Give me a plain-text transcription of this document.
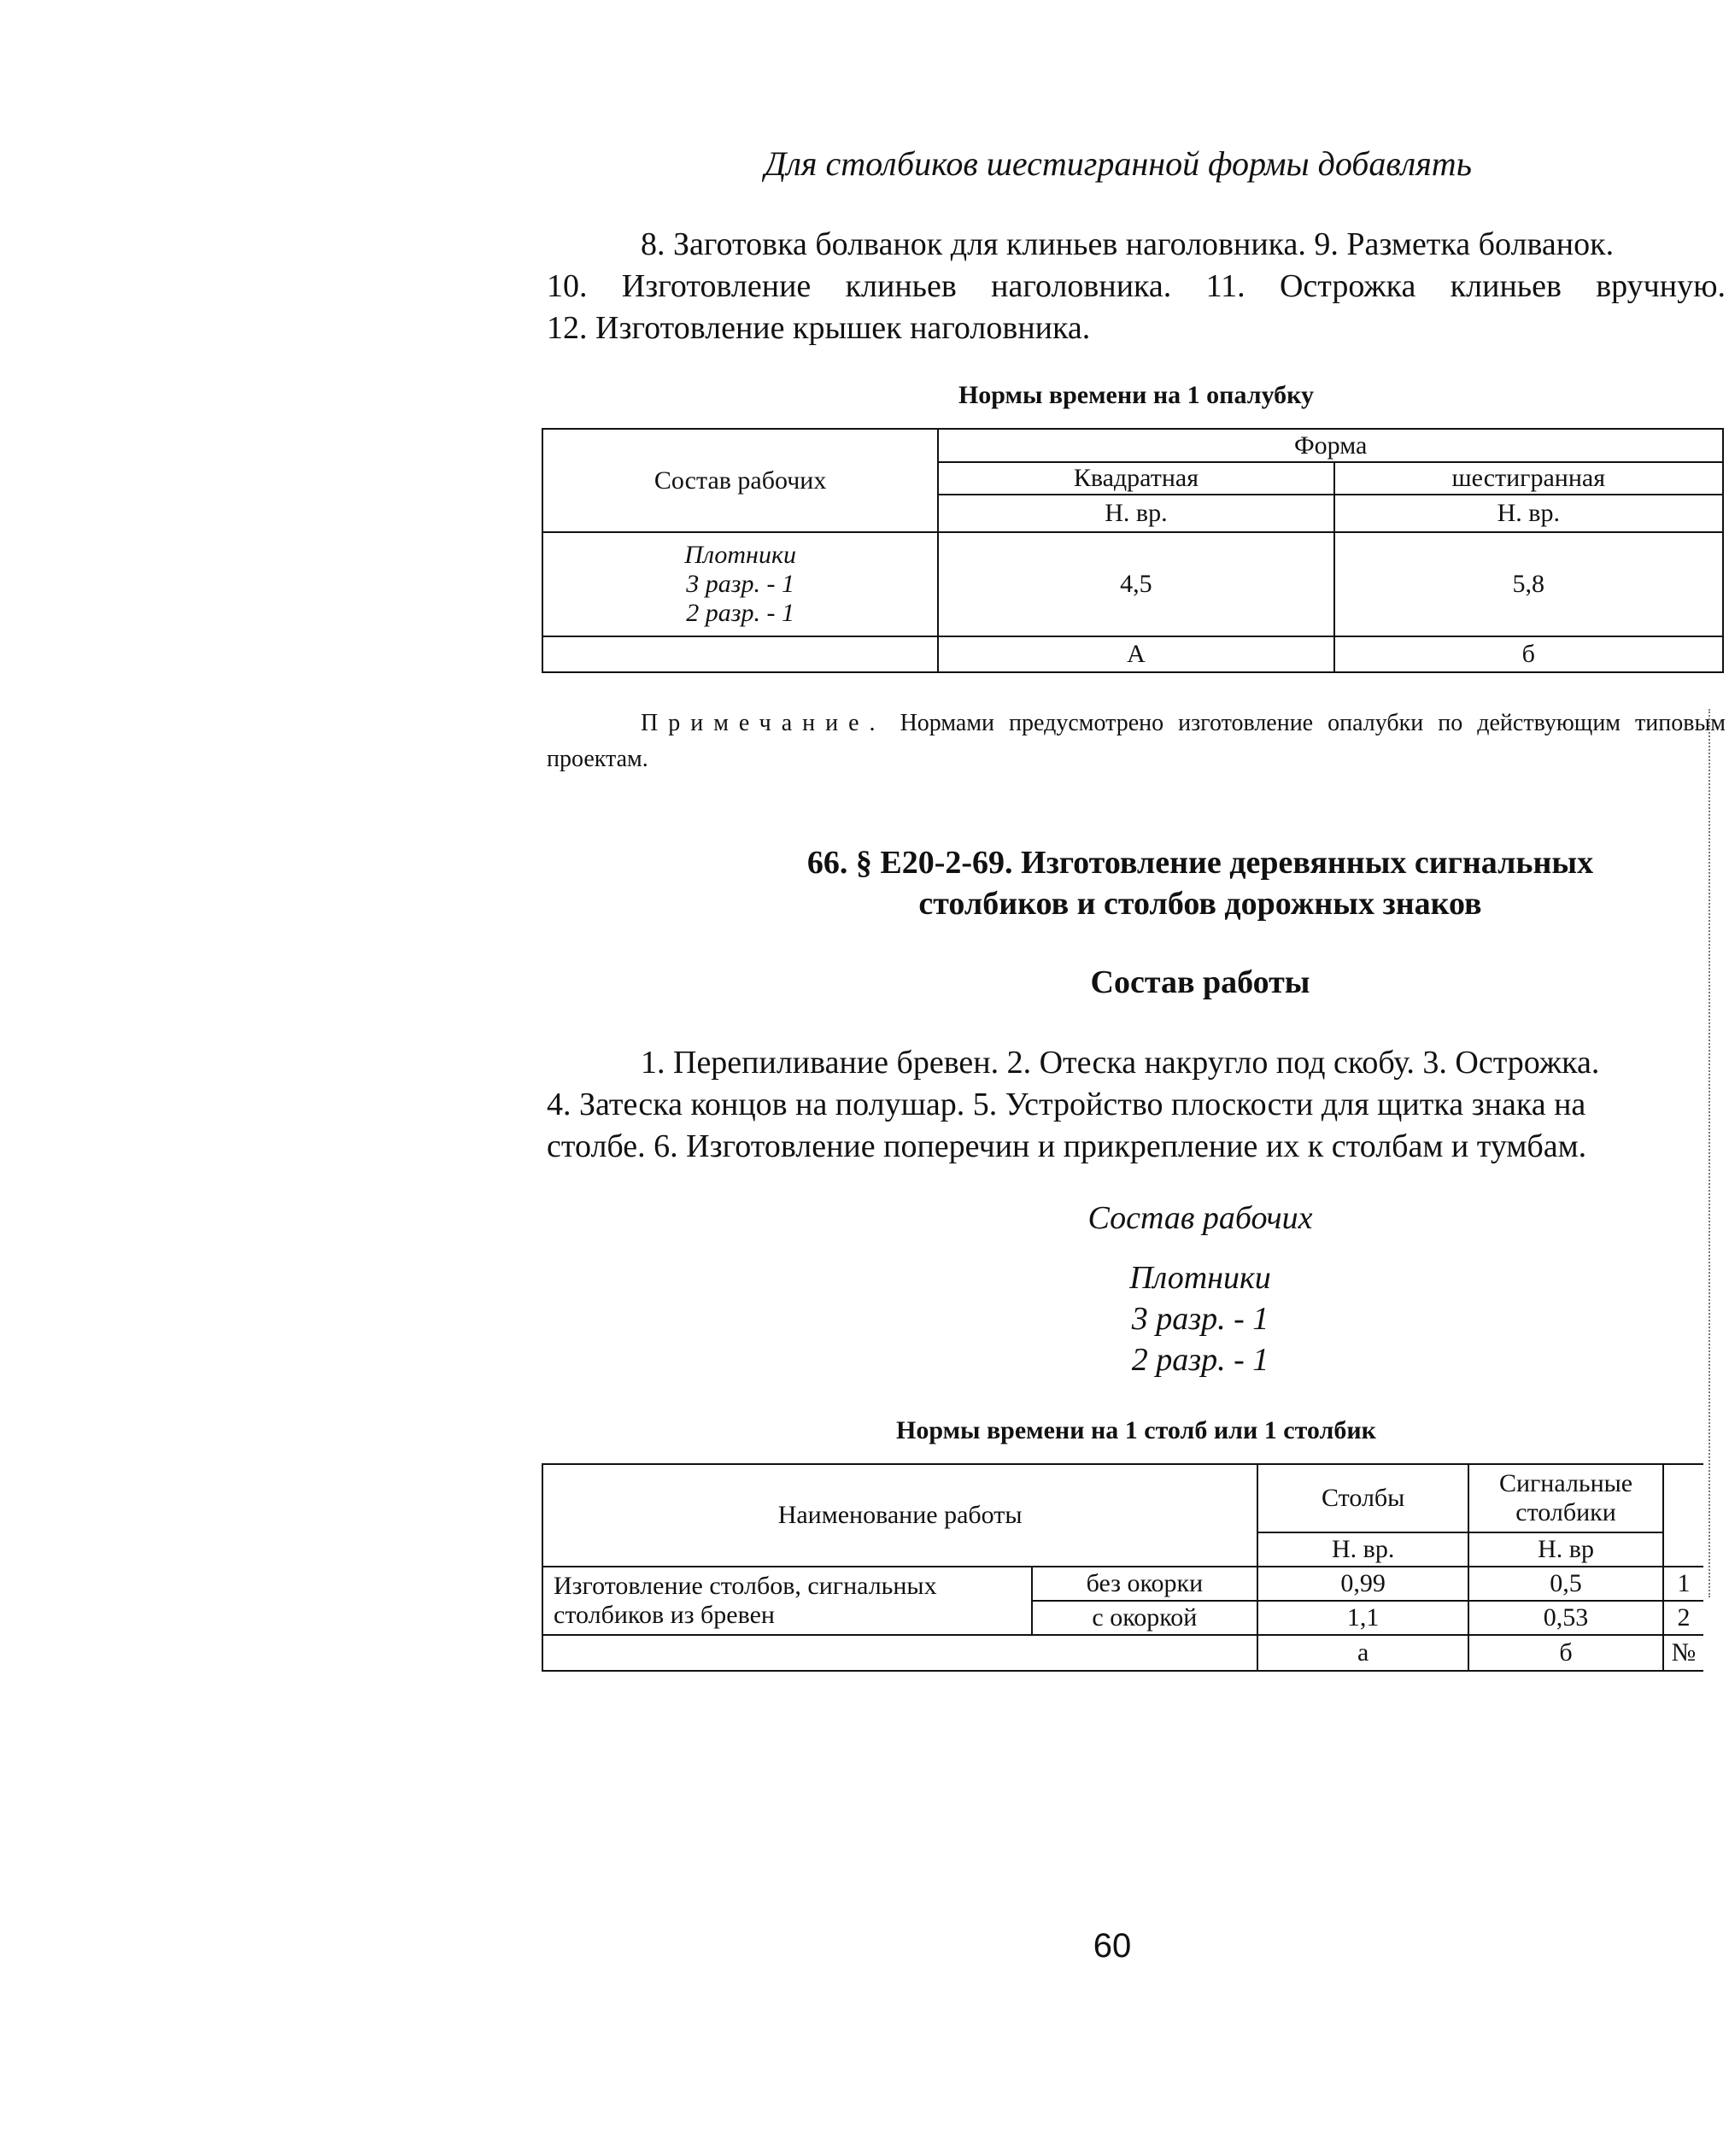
Для столбиков шестигранной формы добавлять

8. Заготовка болванок для клиньев наголовника. 9. Разметка болванок.

10. Изготовление клиньев наголовника. 11. Острожка клиньев вручную.

12. Изготовление крышек наголовника.

Нормы времени на 1 опалубку
Состав рабочих	Форма	
	Квадратная	шестигранная
	Н. вр.	Н. вр.

Плотники
3 разр. - 1
2 разр. - 1	4,5	5,8
	А	б
Примечание. Нормами предусмотрено изготовление опалубки по действующим типовым проектам.
66. § Е20-2-69. Изготовление деревянных сигнальных
столбиков и столбов дорожных знаков
Состав работы

1. Перепиливание бревен. 2. Отеска накругло под скобу. 3. Острожка.

4. Затеска концов на полушар. 5. Устройство плоскости для щитка знака на

столбе. 6. Изготовление поперечин и прикрепление их к столбам и тумбам.

Состав рабочих
Плотники
3 разр. - 1
2 разр. - 1
Нормы времени на 1 столб или 1 столбик
Наименование работы		Столбы	Сигнальные
столбики	

		Н. вр.	Н. вр	

Изготовление столбов, сигнальных
столбиков из бревен	без окорки	0,99	0,5	1
	с окоркой	1,1	0,53	2
		а	б	№
60
